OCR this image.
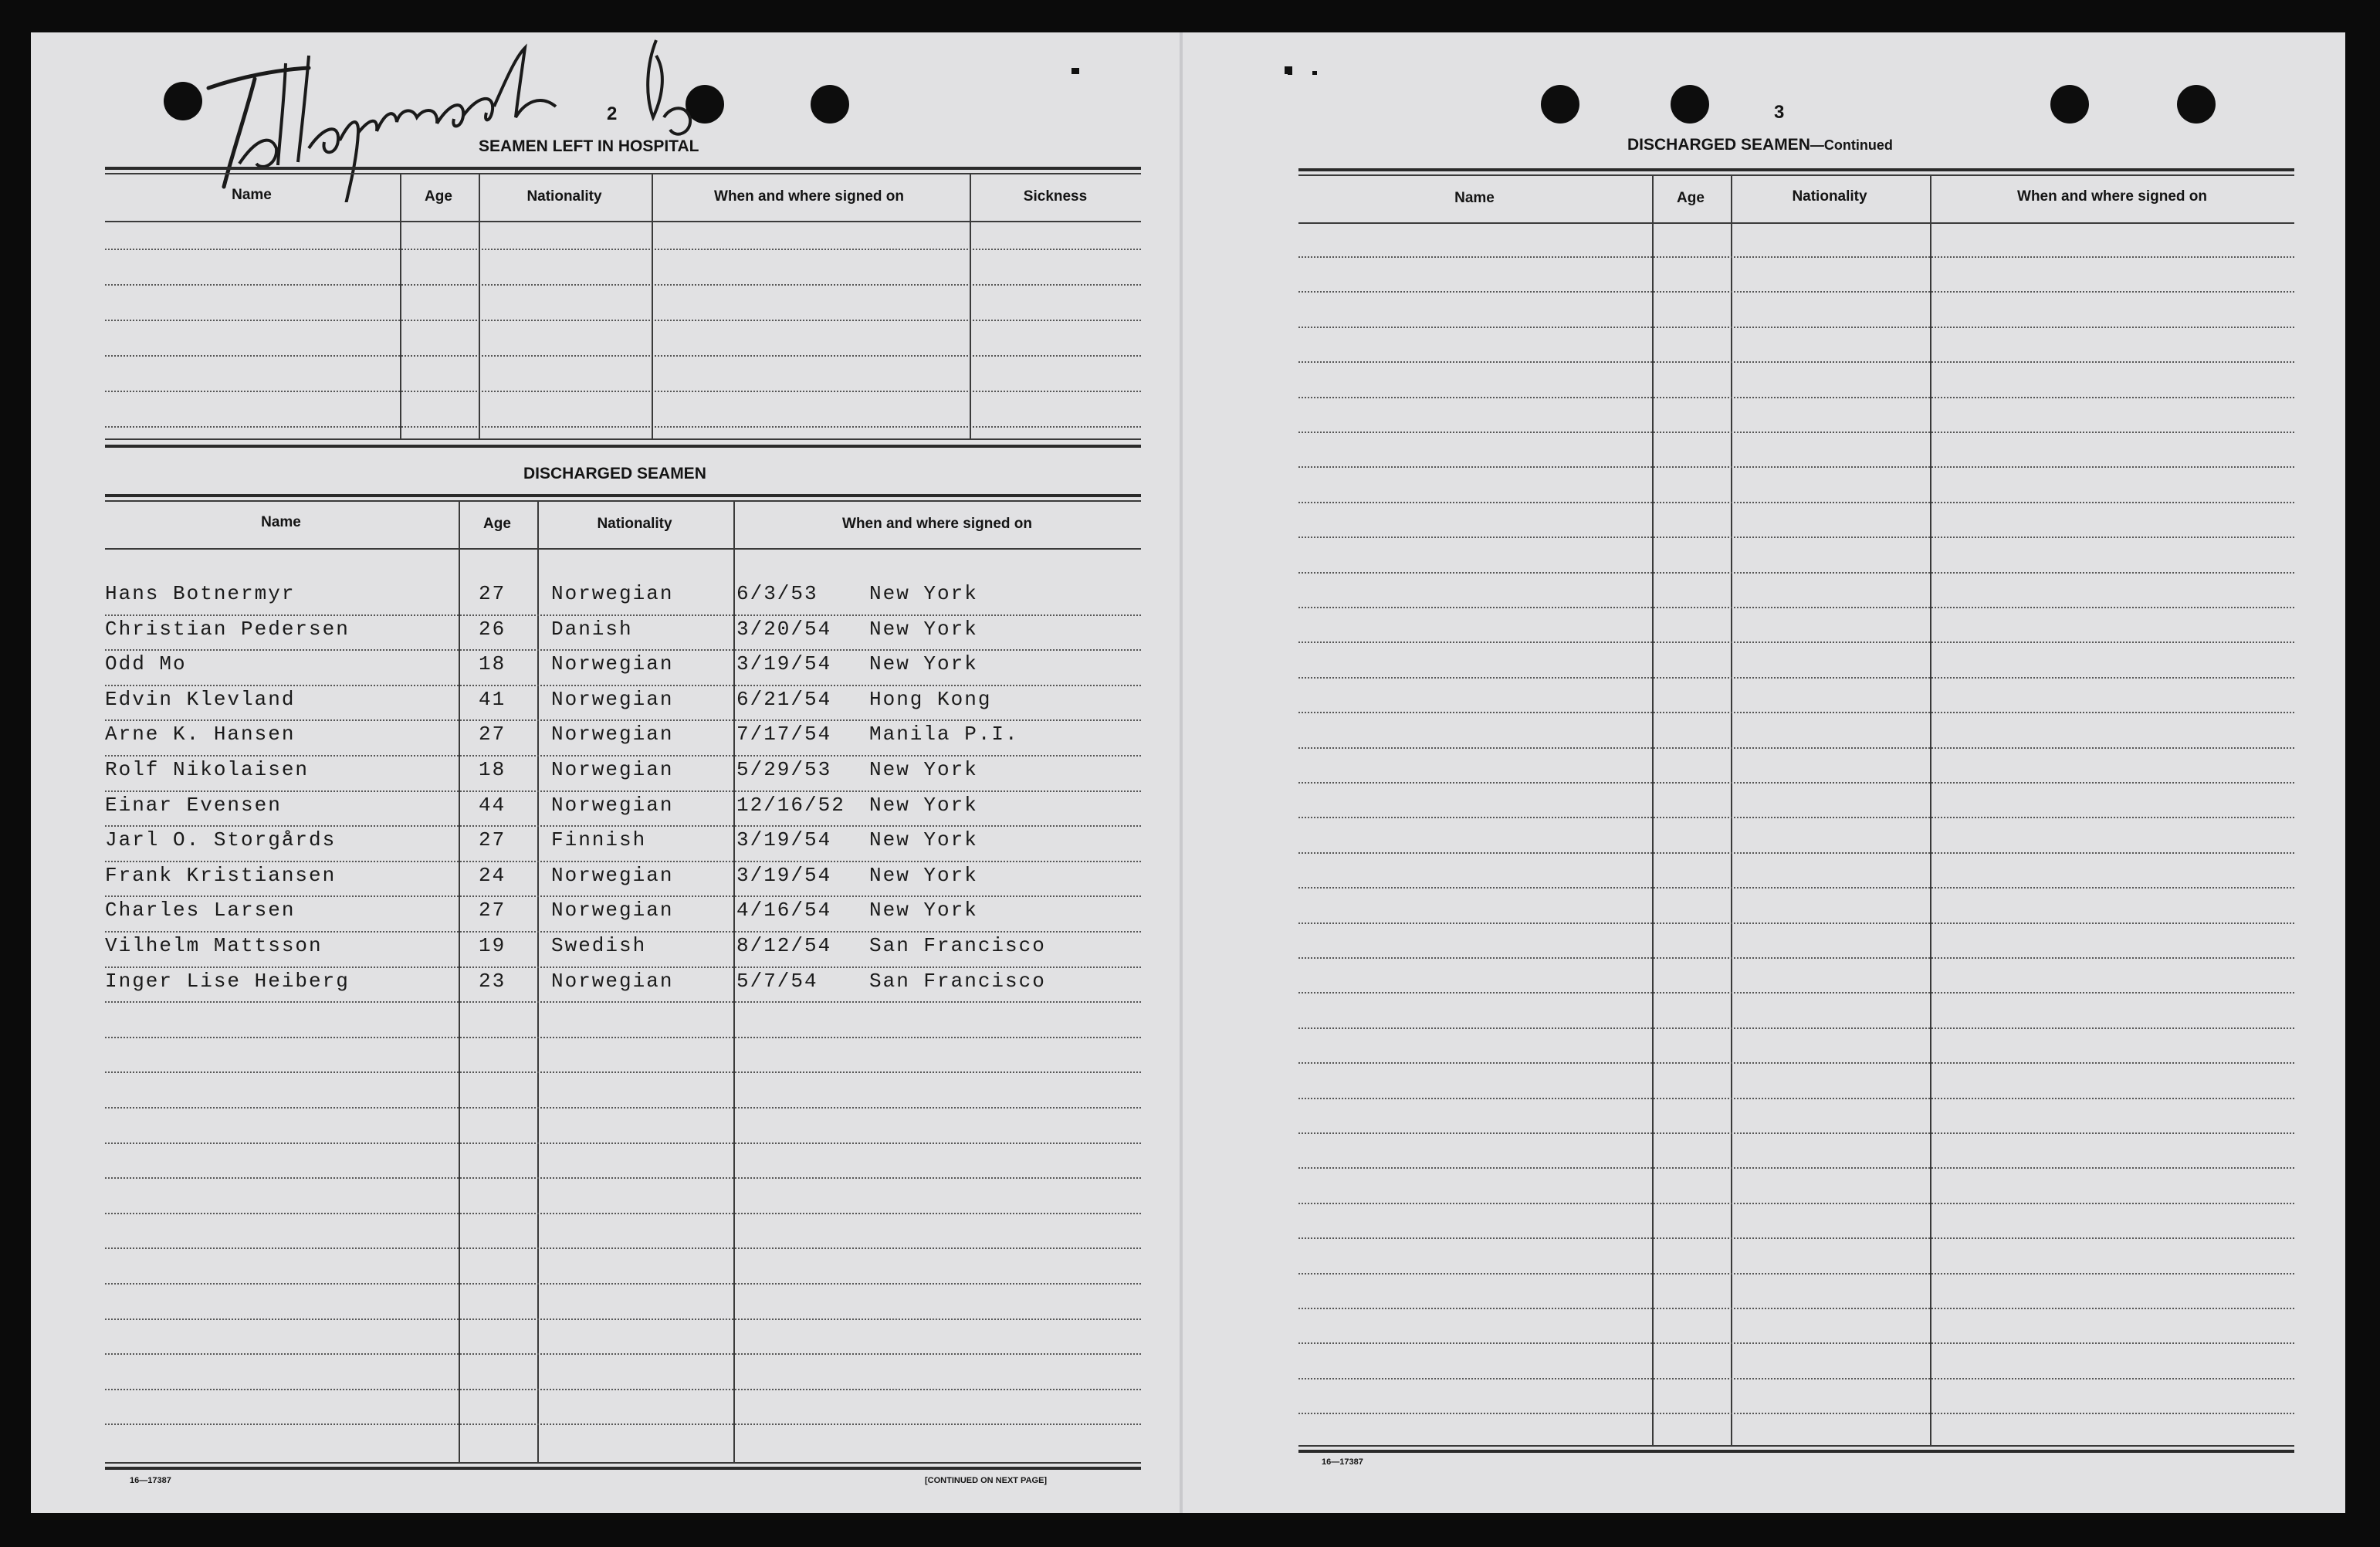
2
SEAMEN LEFT IN HOSPITAL
Name	Age	Nationality	When and where signed on	Sickness
DISCHARGED SEAMEN
Name	Age	Nationality	When and where signed on
Hans Botnermyr	27 Norwegian	6/3/53	New York
Christian Pedersen	26 Danish	3/20/54 New York
Odd Mo	18 Norwegian	3/19/54 New York
Edvin Klevland	41 Norwegian	6/21/54 Hong Kong
Arne K. Hansen	27 Norwegian	7/17/54 Manila P.I.
Rolf Nikolaisen	18 Norwegian	5/29/53 New York
Einar Evensen	44 Norwegian	12/16/52 New York
Jarl O. Storgårds	27 Finnish	3/19/54 New York
Frank Kristiansen	24 Norwegian	3/19/54 New York
Charles Larsen	27 Norwegian	4/16/54 New York
Vilhelm Mattsson	19 Swedish	8/12/54 San Francisco
Inger Lise Heiberg	23 Norwegian	5/7/54	San Francisco
16—17387	[CONTINUED ON NEXT PAGE]
3
DISCHARGED SEAMEN—Continued
Name	Age	Nationality	When and where signed on
16—17387
